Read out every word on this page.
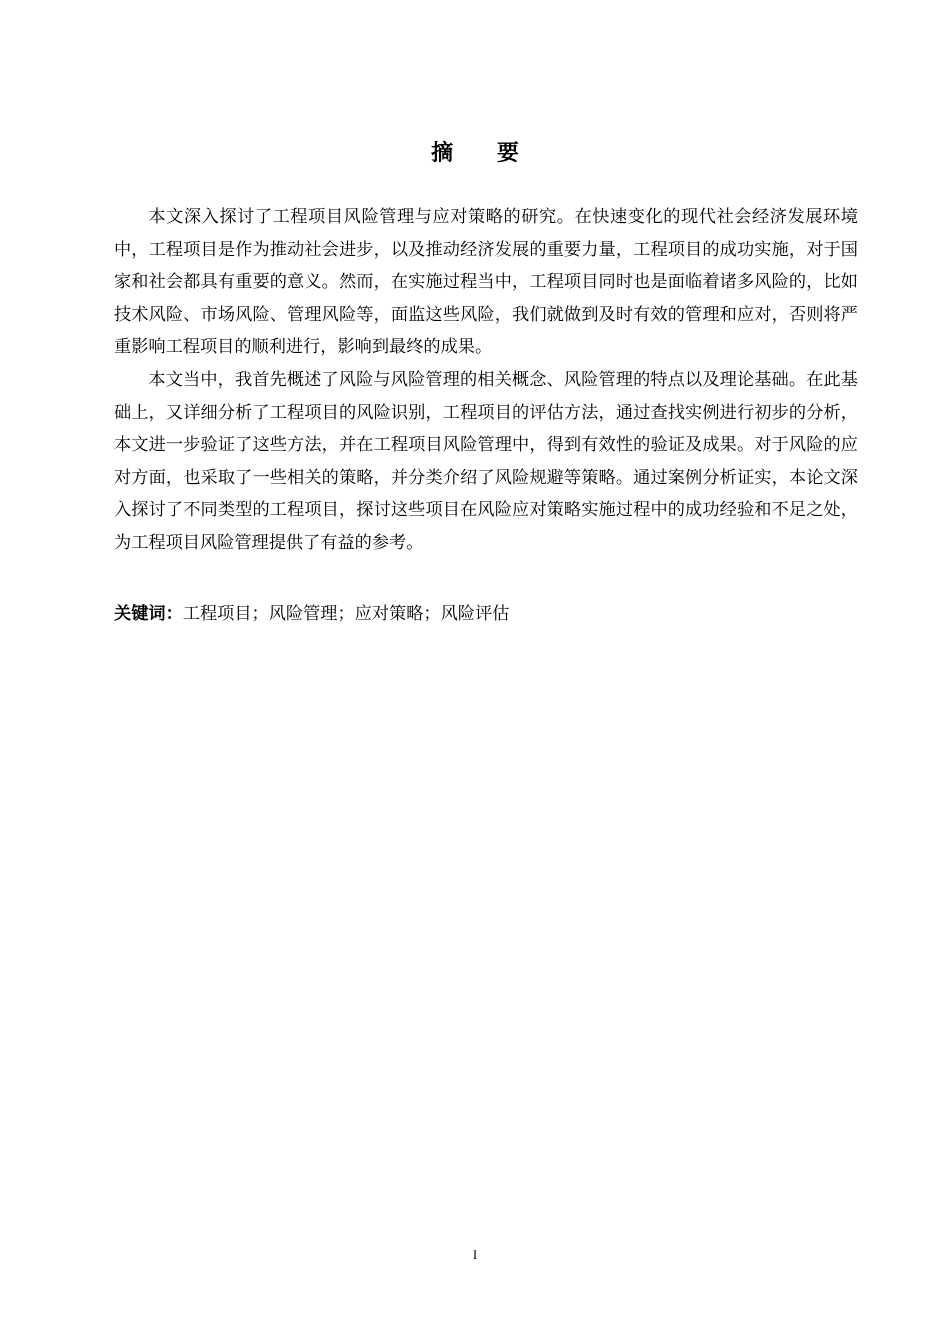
摘 要

本文深入探讨了工程项目风险管理与应对策略的研究。在快速变化的现代社会经济发展环境中，工程项目是作为推动社会进步，以及推动经济发展的重要力量，工程项目的成功实施，对于国家和社会都具有重要的意义。然而，在实施过程当中，工程项目同时也是面临着诸多风险的，比如技术风险、市场风险、管理风险等，面监这些风险，我们就做到及时有效的管理和应对，否则将严重影响工程项目的顺利进行，影响到最终的成果。

本文当中，我首先概述了风险与风险管理的相关概念、风险管理的特点以及理论基础。在此基础上，又详细分析了工程项目的风险识别，工程项目的评估方法，通过查找实例进行初步的分析，本文进一步验证了这些方法，并在工程项目风险管理中，得到有效性的验证及成果。对于风险的应对方面，也采取了一些相关的策略，并分类介绍了风险规避等策略。通过案例分析证实，本论文深入探讨了不同类型的工程项目，探讨这些项目在风险应对策略实施过程中的成功经验和不足之处，为工程项目风险管理提供了有益的参考。

关键词：工程项目；风险管理；应对策略；风险评估
I
